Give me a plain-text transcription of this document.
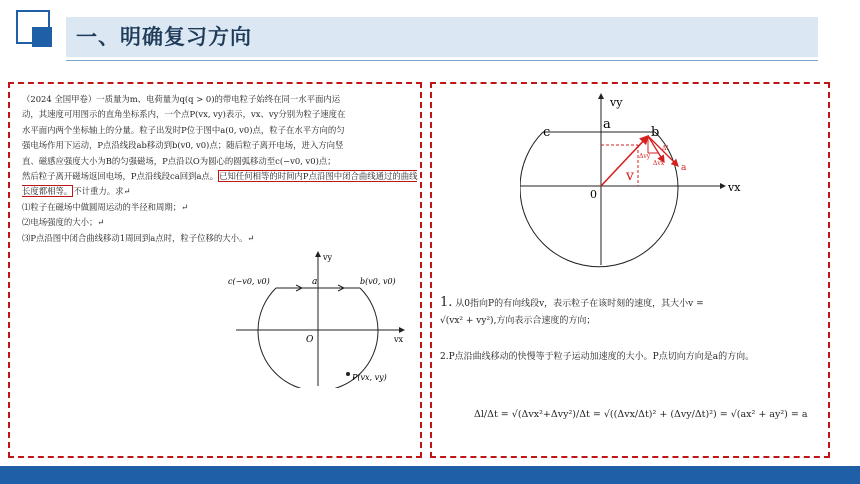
一、明确复习方向

（2024 全国甲卷）一质量为m、电荷量为q(q > 0)的带电粒子始终在同一水平面内运

动，其速度可用图示的直角坐标系内，一个点P(vx, vy)表示，vx、vy分别为粒子速度在

水平面内两个坐标轴上的分量。粒子出发时P位于图中a(0, v0)点，粒子在水平方向的匀

强电场作用下运动，P点沿线段ab移动到b(v0, v0)点；随后粒子离开电场，进入方向竖

直、磁感应强度大小为B的匀强磁场，P点沿以O为圆心的圆弧移动至c(−v0, v0)点；

然后粒子离开磁场返回电场，P点沿线段ca回到a点。已知任何相等的时间内P点沿图中闭合曲线通过的曲线长度都相等。不计重力。求↵

⑴粒子在磁场中做圆周运动的半径和周期；↵

⑵电场强度的大小；↵

⑶P点沿图中闭合曲线移动1周回到a点时，粒子位移的大小。↵

vy
vx
O
a
c(−v0, v0)	b(v0, v0)
P(vx, vy)
vy
vx
0
c
a
b
v
Δl
Δvy
Δvx a
1. 从0指向P的有向线段v，表示粒子在该时刻的速度，其大小v =
√(vx² + vy²),方向表示合速度的方向；
2.P点沿曲线移动的快慢等于粒子运动加速度的大小。P点切向方向是a的方向。
Δl/Δt = √(Δvx²+Δvy²)/Δt = √((Δvx/Δt)² + (Δvy/Δt)²) = √(ax² + ay²) = a
